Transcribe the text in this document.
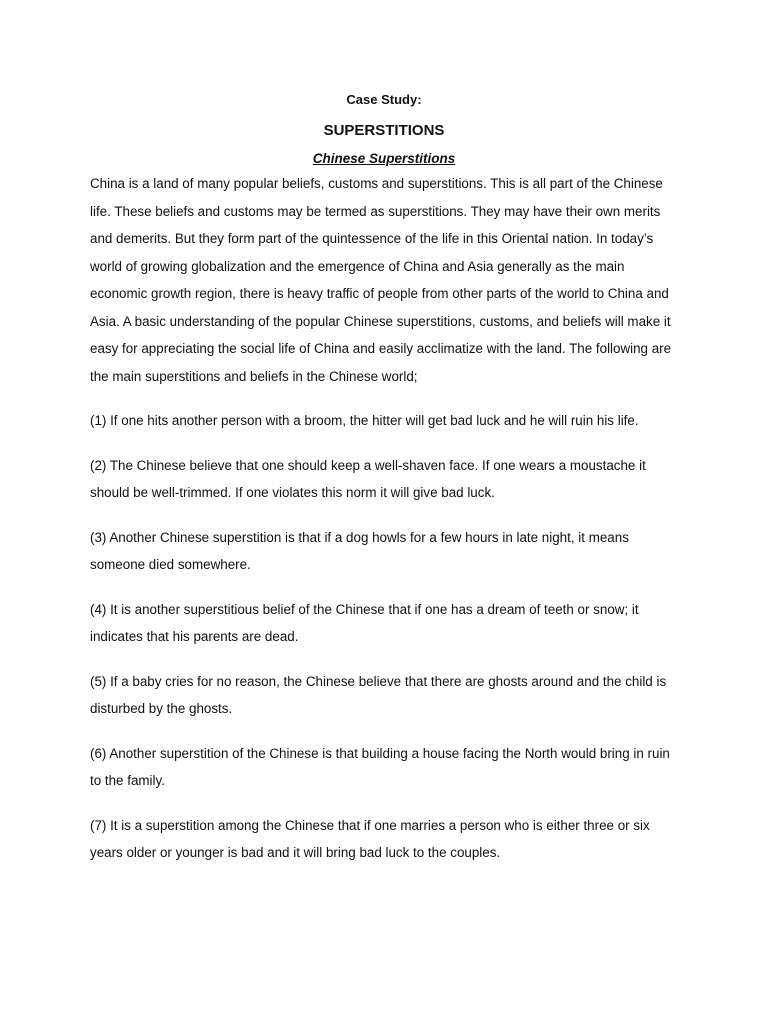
Case Study:

SUPERSTITIONS

Chinese Superstitions

China is a land of many popular beliefs, customs and superstitions. This is all part of the Chinese life. These beliefs and customs may be termed as superstitions. They may have their own merits and demerits. But they form part of the quintessence of the life in this Oriental nation. In today’s world of growing globalization and the emergence of China and Asia generally as the main economic growth region, there is heavy traffic of people from other parts of the world to China and Asia. A basic understanding of the popular Chinese superstitions, customs, and beliefs will make it easy for appreciating the social life of China and easily acclimatize with the land. The following are the main superstitions and beliefs in the Chinese world;

(1) If one hits another person with a broom, the hitter will get bad luck and he will ruin his life.

(2) The Chinese believe that one should keep a well-shaven face. If one wears a moustache it should be well-trimmed. If one violates this norm it will give bad luck.

(3) Another Chinese superstition is that if a dog howls for a few hours in late night, it means someone died somewhere.

(4) It is another superstitious belief of the Chinese that if one has a dream of teeth or snow; it indicates that his parents are dead.

(5) If a baby cries for no reason, the Chinese believe that there are ghosts around and the child is disturbed by the ghosts.

(6) Another superstition of the Chinese is that building a house facing the North would bring in ruin to the family.

(7) It is a superstition among the Chinese that if one marries a person who is either three or six years older or younger is bad and it will bring bad luck to the couples.
